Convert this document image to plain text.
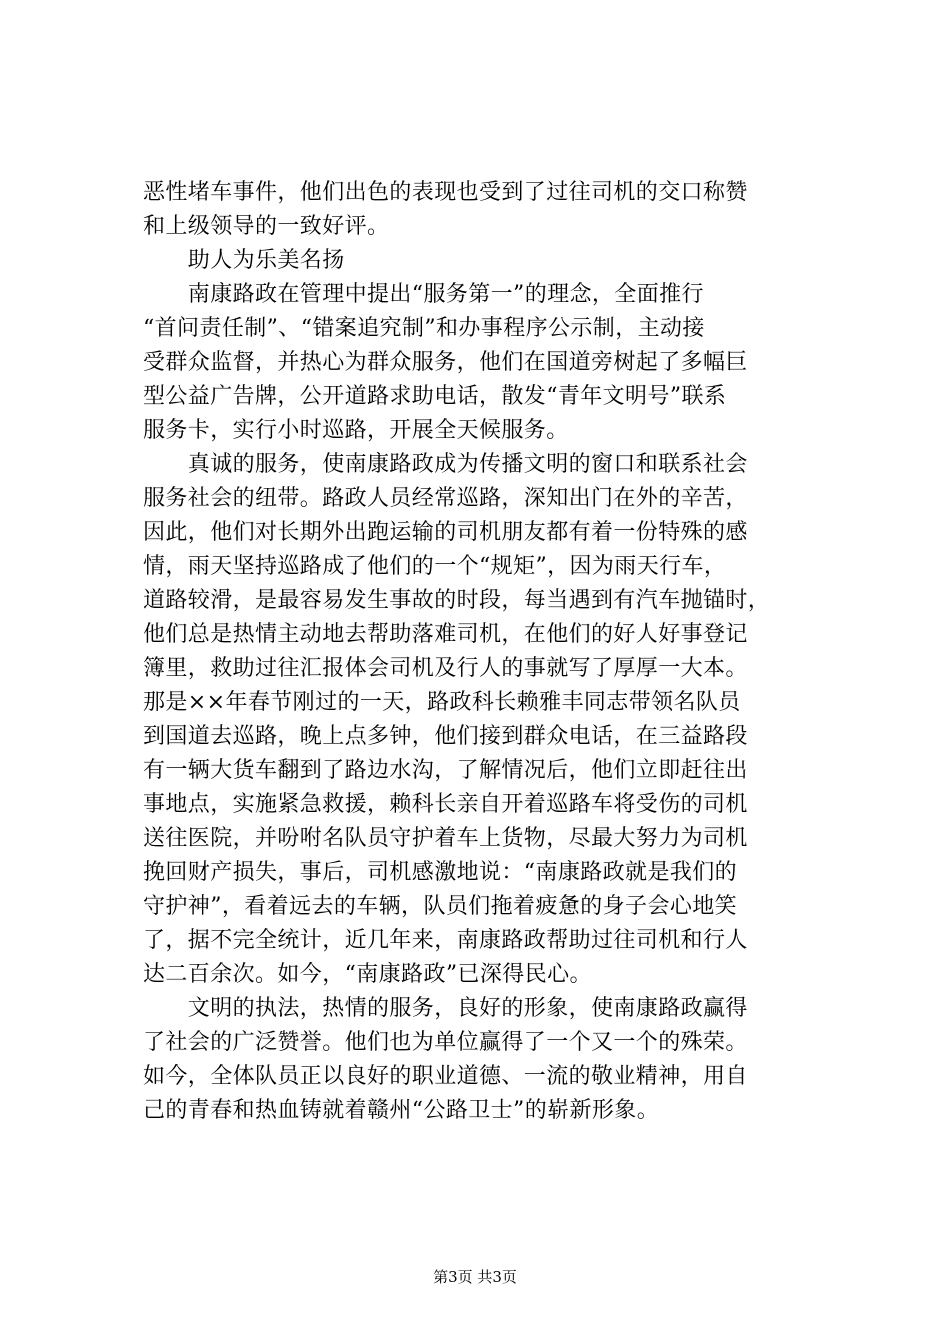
恶性堵车事件，他们出色的表现也受到了过往司机的交口称赞
和上级领导的一致好评。
　　助人为乐美名扬
　　南康路政在管理中提出“服务第一”的理念，全面推行
“首问责任制”、“错案追究制”和办事程序公示制，主动接
受群众监督，并热心为群众服务，他们在国道旁树起了多幅巨
型公益广告牌，公开道路求助电话，散发“青年文明号”联系
服务卡，实行小时巡路，开展全天候服务。
　　真诚的服务，使南康路政成为传播文明的窗口和联系社会
服务社会的纽带。路政人员经常巡路，深知出门在外的辛苦，
因此，他们对长期外出跑运输的司机朋友都有着一份特殊的感
情，雨天坚持巡路成了他们的一个“规矩”，因为雨天行车，
道路较滑，是最容易发生事故的时段，每当遇到有汽车抛锚时，
他们总是热情主动地去帮助落难司机，在他们的好人好事登记
簿里，救助过往汇报体会司机及行人的事就写了厚厚一大本。
那是××年春节刚过的一天，路政科长赖雅丰同志带领名队员
到国道去巡路，晚上点多钟，他们接到群众电话，在三益路段
有一辆大货车翻到了路边水沟，了解情况后，他们立即赶往出
事地点，实施紧急救援，赖科长亲自开着巡路车将受伤的司机
送往医院，并吩咐名队员守护着车上货物，尽最大努力为司机
挽回财产损失，事后，司机感激地说：“南康路政就是我们的
守护神”，看着远去的车辆，队员们拖着疲惫的身子会心地笑
了，据不完全统计，近几年来，南康路政帮助过往司机和行人
达二百余次。如今，“南康路政”已深得民心。
　　文明的执法，热情的服务，良好的形象，使南康路政赢得
了社会的广泛赞誉。他们也为单位赢得了一个又一个的殊荣。
如今，全体队员正以良好的职业道德、一流的敬业精神，用自
己的青春和热血铸就着赣州“公路卫士”的崭新形象。
第3页 共3页
